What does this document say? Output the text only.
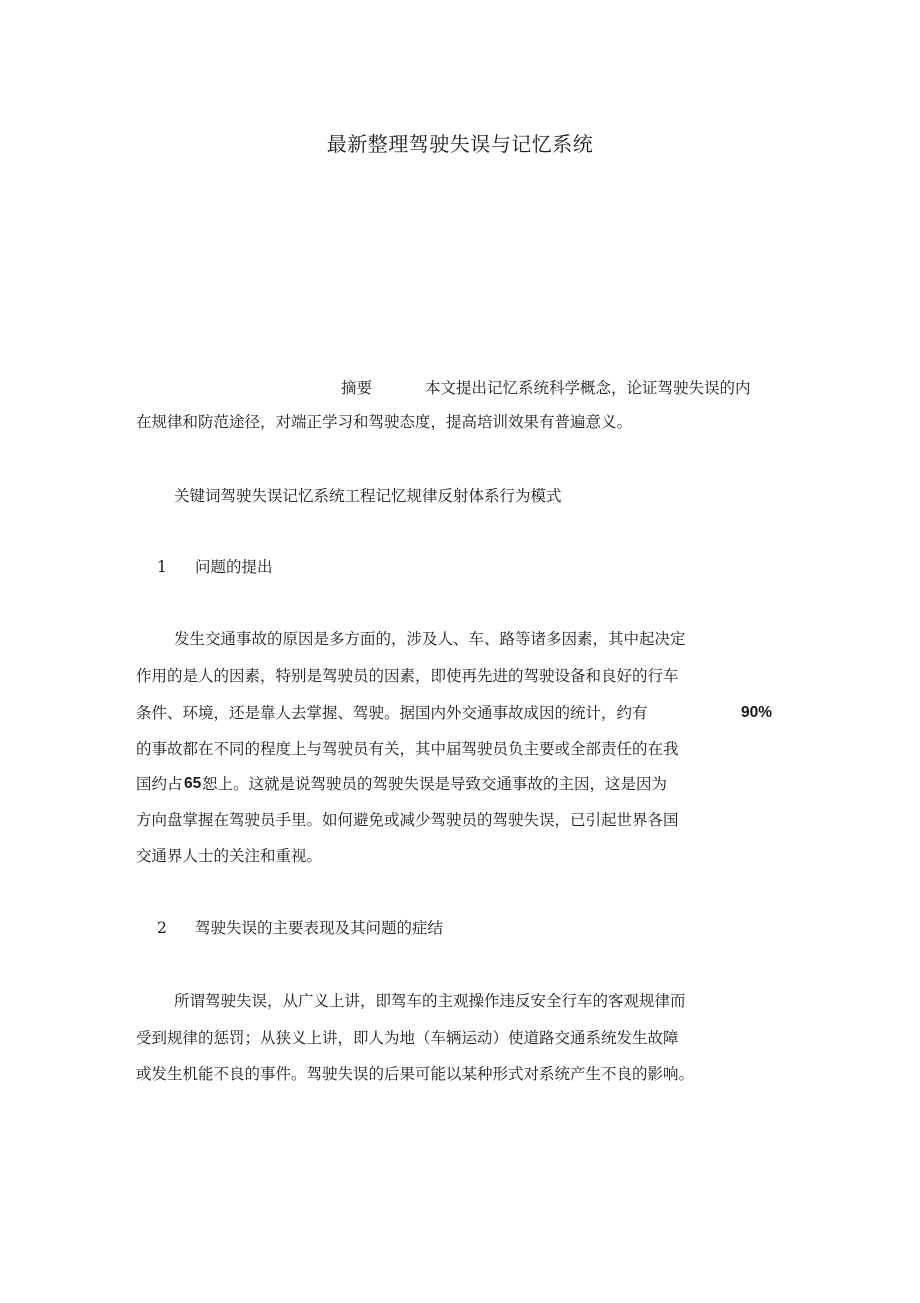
最新整理驾驶失误与记忆系统
摘要	本文提出记忆系统科学概念，论证驾驶失误的内
在规律和防范途径，对端正学习和驾驶态度，提高培训效果有普遍意义。
关键词驾驶失误记忆系统工程记忆规律反射体系行为模式
1 问题的提出
发生交通事故的原因是多方面的，涉及人、车、路等诸多因素，其中起决定
作用的是人的因素，特别是驾驶员的因素，即使再先进的驾驶设备和良好的行车
条件、环境，还是靠人去掌握、驾驶。据国内外交通事故成因的统计，约有	90%
的事故都在不同的程度上与驾驶员有关，其中届驾驶员负主要或全部责任的在我
国约占 65 恕上。这就是说驾驶员的驾驶失误是导致交通事故的主因，这是因为
方向盘掌握在驾驶员手里。如何避免或减少驾驶员的驾驶失误，已引起世界各国
交通界人士的关注和重视。
2 驾驶失误的主要表现及其问题的症结
所谓驾驶失误，从广义上讲，即驾车的主观操作违反安全行车的客观规律而
受到规律的惩罚；从狭义上讲，即人为地（车辆运动）使道路交通系统发生故障
或发生机能不良的事件。驾驶失误的后果可能以某种形式对系统产生不良的影响。
